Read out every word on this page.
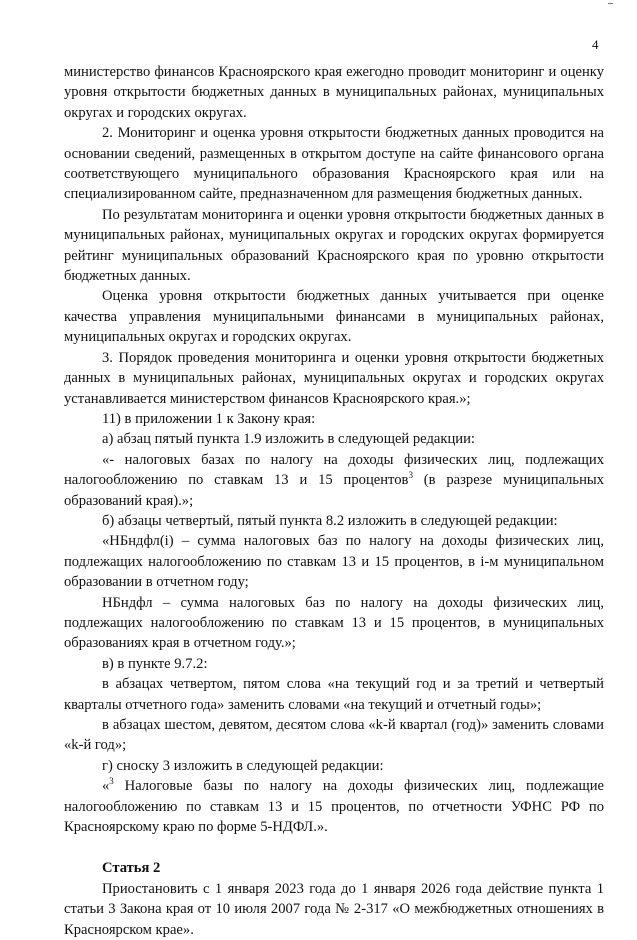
4

министерство финансов Красноярского края ежегодно проводит мониторинг и оценку уровня открытости бюджетных данных в муниципальных районах, муниципальных округах и городских округах.

2. Мониторинг и оценка уровня открытости бюджетных данных проводится на основании сведений, размещенных в открытом доступе на сайте финансового органа соответствующего муниципального образования Красноярского края или на специализированном сайте, предназначенном для размещения бюджетных данных.

По результатам мониторинга и оценки уровня открытости бюджетных данных в муниципальных районах, муниципальных округах и городских округах формируется рейтинг муниципальных образований Красноярского края по уровню открытости бюджетных данных.

Оценка уровня открытости бюджетных данных учитывается при оценке качества управления муниципальными финансами в муниципальных районах, муниципальных округах и городских округах.

3. Порядок проведения мониторинга и оценки уровня открытости бюджетных данных в муниципальных районах, муниципальных округах и городских округах устанавливается министерством финансов Красноярского края.»;

11) в приложении 1 к Закону края:

а) абзац пятый пункта 1.9 изложить в следующей редакции:

«- налоговых базах по налогу на доходы физических лиц, подлежащих налогообложению по ставкам 13 и 15 процентов$^3$ (в разрезе муниципальных образований края).»;

б) абзацы четвертый, пятый пункта 8.2 изложить в следующей редакции:

«НБндфл(i) – сумма налоговых баз по налогу на доходы физических лиц, подлежащих налогообложению по ставкам 13 и 15 процентов, в i-м муниципальном образовании в отчетном году;

НБндфл – сумма налоговых баз по налогу на доходы физических лиц, подлежащих налогообложению по ставкам 13 и 15 процентов, в муниципальных образованиях края в отчетном году.»;

в) в пункте 9.7.2:

в абзацах четвертом, пятом слова «на текущий год и за третий и четвертый кварталы отчетного года» заменить словами «на текущий и отчетный годы»;

в абзацах шестом, девятом, десятом слова «k-й квартал (год)» заменить словами «k-й год»;

г) сноску 3 изложить в следующей редакции:

«$^3$ Налоговые базы по налогу на доходы физических лиц, подлежащие налогообложению по ставкам 13 и 15 процентов, по отчетности УФНС РФ по Красноярскому краю по форме 5-НДФЛ.».

Статья 2

Приостановить с 1 января 2023 года до 1 января 2026 года действие пункта 1 статьи 3 Закона края от 10 июля 2007 года № 2-317 «О межбюджетных отношениях в Красноярском крае».
